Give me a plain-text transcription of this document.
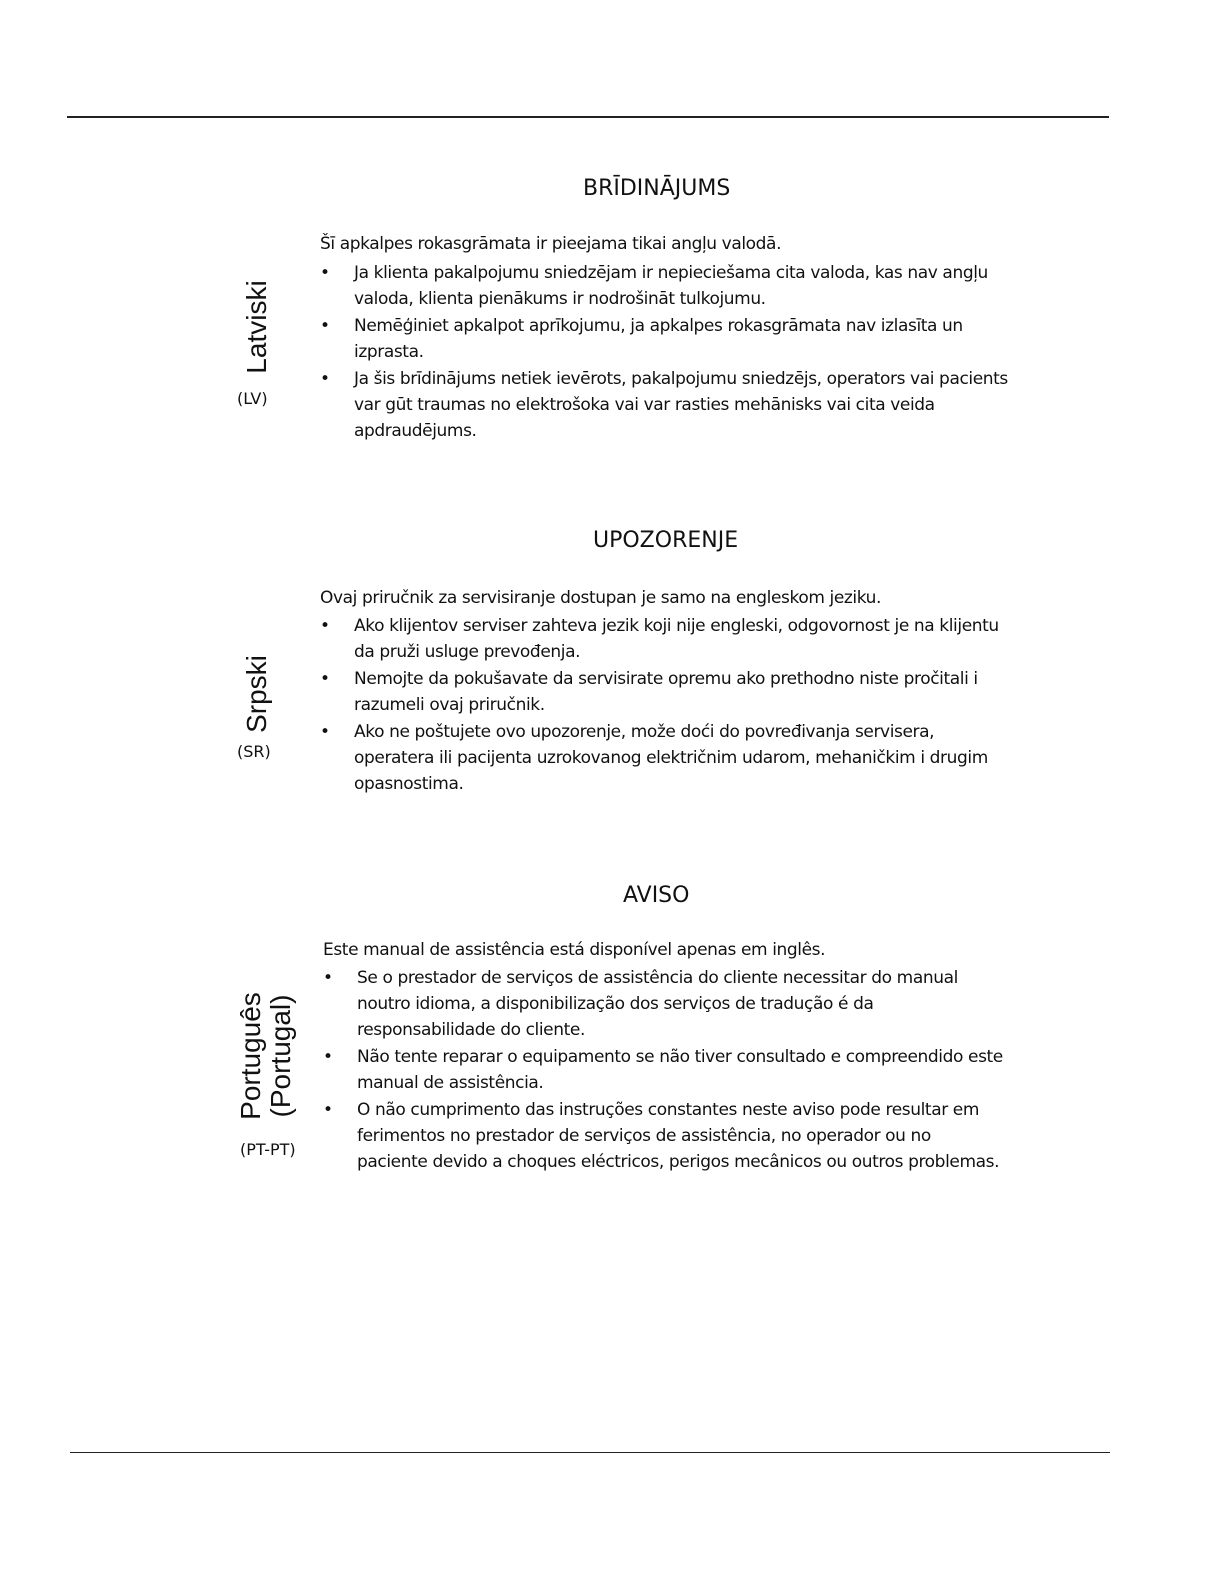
Latviski
(LV)
BRĪDINĀJUMS
Šī apkalpes rokasgrāmata ir pieejama tikai angļu valodā.
• Ja klienta pakalpojumu sniedzējam ir nepieciešama cita valoda, kas nav angļu valoda, klienta pienākums ir nodrošināt tulkojumu.
• Nemēģiniet apkalpot aprīkojumu, ja apkalpes rokasgrāmata nav izlasīta un izprasta.
• Ja šis brīdinājums netiek ievērots, pakalpojumu sniedzējs, operators vai pacients var gūt traumas no elektrošoka vai var rasties mehānisks vai cita veida apdraudējums.
Srpski
(SR)
UPOZORENJE
Ovaj priručnik za servisiranje dostupan je samo na engleskom jeziku.
• Ako klijentov serviser zahteva jezik koji nije engleski, odgovornost je na klijentu da pruži usluge prevođenja.
• Nemojte da pokušavate da servisirate opremu ako prethodno niste pročitali i razumeli ovaj priručnik.
• Ako ne poštujete ovo upozorenje, može doći do povređivanja servisera, operatera ili pacijenta uzrokovanog električnim udarom, mehaničkim i drugim opasnostima.
Português (Portugal)
(PT-PT)
AVISO
Este manual de assistência está disponível apenas em inglês.
• Se o prestador de serviços de assistência do cliente necessitar do manual noutro idioma, a disponibilização dos serviços de tradução é da responsabilidade do cliente.
• Não tente reparar o equipamento se não tiver consultado e compreendido este manual de assistência.
• O não cumprimento das instruções constantes neste aviso pode resultar em ferimentos no prestador de serviços de assistência, no operador ou no paciente devido a choques eléctricos, perigos mecânicos ou outros problemas.
